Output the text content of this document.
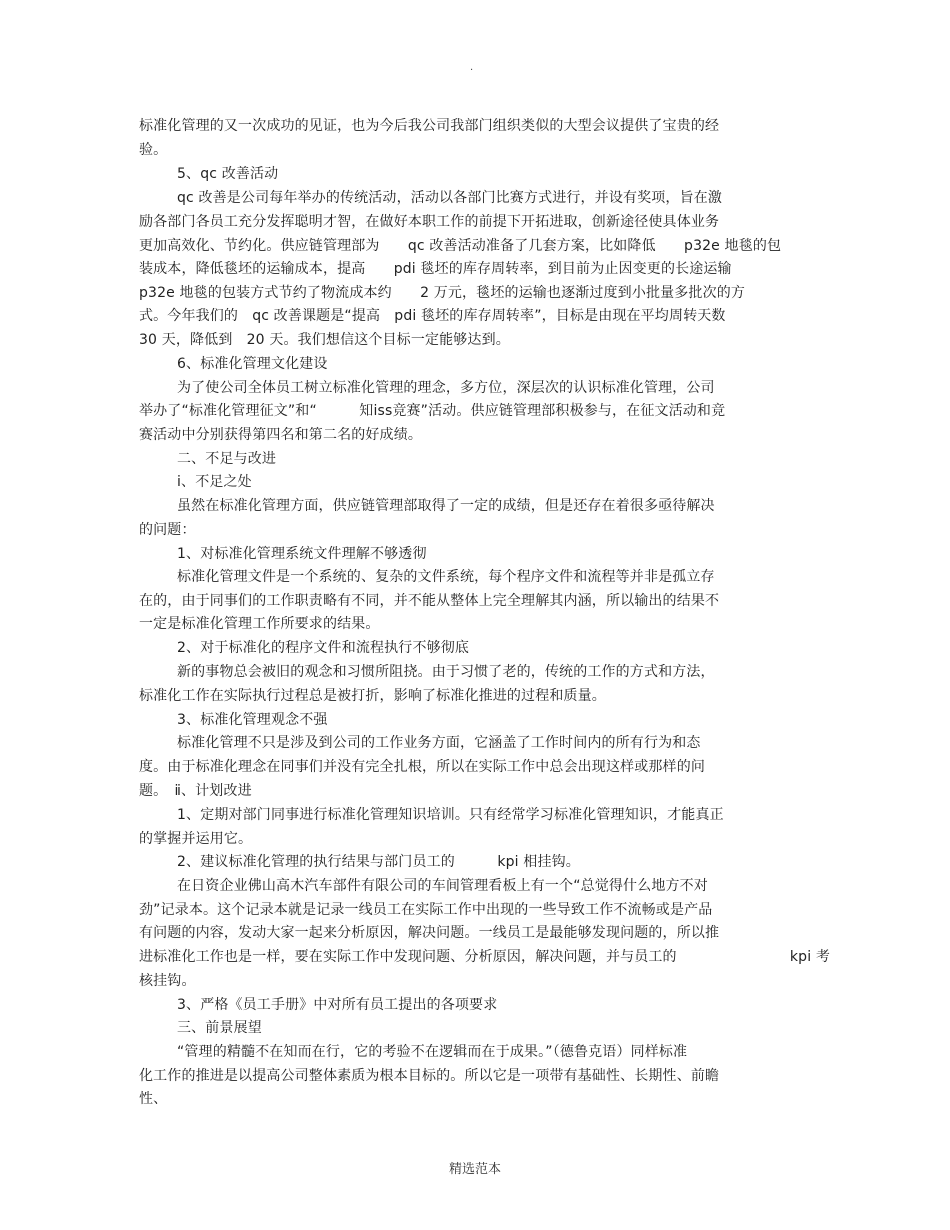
.
标准化管理的又一次成功的见证，也为今后我公司我部门组织类似的大型会议提供了宝贵的经
验。
5、qc 改善活动
qc 改善是公司每年举办的传统活动，活动以各部门比赛方式进行，并设有奖项，旨在激
励各部门各员工充分发挥聪明才智，在做好本职工作的前提下开拓进取，创新途径使具体业务
更加高效化、节约化。供应链管理部为　　qc 改善活动准备了几套方案，比如降低　　p32e 地毯的包
装成本，降低毯坯的运输成本，提高　　pdi 毯坯的库存周转率，到目前为止因变更的长途运输
p32e 地毯的包装方式节约了物流成本约　　2 万元，毯坯的运输也逐渐过度到小批量多批次的方
式。今年我们的　qc 改善课题是“提高　pdi 毯坯的库存周转率”，目标是由现在平均周转天数
30 天，降低到　20 天。我们想信这个目标一定能够达到。
6、标准化管理文化建设
为了使公司全体员工树立标准化管理的理念，多方位，深层次的认识标准化管理，公司
举办了“标准化管理征文”和“　　　知iss竞赛”活动。供应链管理部积极参与，在征文活动和竞
赛活动中分别获得第四名和第二名的好成绩。
二、不足与改进
ⅰ、不足之处
虽然在标准化管理方面，供应链管理部取得了一定的成绩，但是还存在着很多亟待解决
的问题：
1、对标准化管理系统文件理解不够透彻
标准化管理文件是一个系统的、复杂的文件系统，每个程序文件和流程等并非是孤立存
在的，由于同事们的工作职责略有不同，并不能从整体上完全理解其内涵，所以输出的结果不
一定是标准化管理工作所要求的结果。
2、对于标准化的程序文件和流程执行不够彻底
新的事物总会被旧的观念和习惯所阻挠。由于习惯了老的，传统的工作的方式和方法，
标准化工作在实际执行过程总是被打折，影响了标准化推进的过程和质量。
3、标准化管理观念不强
标准化管理不只是涉及到公司的工作业务方面，它涵盖了工作时间内的所有行为和态
度。由于标准化理念在同事们并没有完全扎根，所以在实际工作中总会出现这样或那样的问
题。　ⅱ、计划改进
1、定期对部门同事进行标准化管理知识培训。只有经常学习标准化管理知识，才能真正
的掌握并运用它。
2、建议标准化管理的执行结果与部门员工的　　　kpi 相挂钩。
在日资企业佛山高木汽车部件有限公司的车间管理看板上有一个“总觉得什么地方不对
劲”记录本。这个记录本就是记录一线员工在实际工作中出现的一些导致工作不流畅或是产品
有问题的内容，发动大家一起来分析原因，解决问题。一线员工是最能够发现问题的，所以推
进标准化工作也是一样，要在实际工作中发现问题、分析原因，解决问题，并与员工的　　　　　　　　kpi 考
核挂钩。
3、严格《员工手册》中对所有员工提出的各项要求
三、前景展望
“管理的精髓不在知而在行，它的考验不在逻辑而在于成果。”（德鲁克语）同样标准
化工作的推进是以提高公司整体素质为根本目标的。所以它是一项带有基础性、长期性、前瞻
性、
精选范本
